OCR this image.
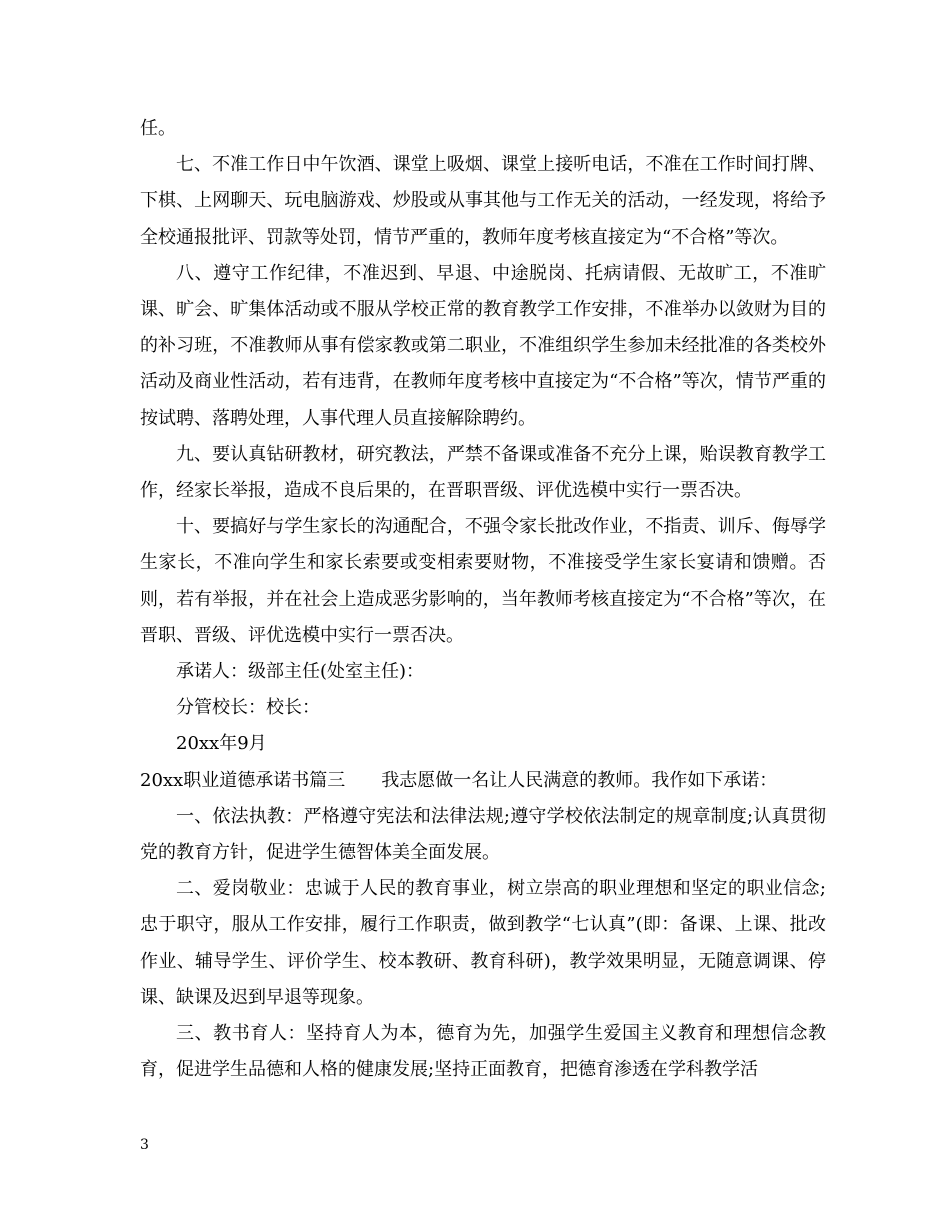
任。

七、不准工作日中午饮酒、课堂上吸烟、课堂上接听电话，不准在工作时间打牌、下棋、上网聊天、玩电脑游戏、炒股或从事其他与工作无关的活动，一经发现，将给予全校通报批评、罚款等处罚，情节严重的，教师年度考核直接定为“不合格”等次。

八、遵守工作纪律，不准迟到、早退、中途脱岗、托病请假、无故旷工，不准旷课、旷会、旷集体活动或不服从学校正常的教育教学工作安排，不准举办以敛财为目的的补习班，不准教师从事有偿家教或第二职业，不准组织学生参加未经批准的各类校外活动及商业性活动，若有违背，在教师年度考核中直接定为“不合格”等次，情节严重的按试聘、落聘处理，人事代理人员直接解除聘约。

九、要认真钻研教材，研究教法，严禁不备课或准备不充分上课，贻误教育教学工作，经家长举报，造成不良后果的，在晋职晋级、评优选模中实行一票否决。

十、要搞好与学生家长的沟通配合，不强令家长批改作业，不指责、训斥、侮辱学生家长，不准向学生和家长索要或变相索要财物，不准接受学生家长宴请和馈赠。否则，若有举报，并在社会上造成恶劣影响的，当年教师考核直接定为“不合格”等次，在晋职、晋级、评优选模中实行一票否决。

承诺人：级部主任(处室主任)：

分管校长：校长：

20xx年9月

20xx职业道德承诺书篇三　　我志愿做一名让人民满意的教师。我作如下承诺：

一、依法执教：严格遵守宪法和法律法规;遵守学校依法制定的规章制度;认真贯彻党的教育方针，促进学生德智体美全面发展。

二、爱岗敬业：忠诚于人民的教育事业，树立崇高的职业理想和坚定的职业信念;忠于职守，服从工作安排，履行工作职责，做到教学“七认真”(即：备课、上课、批改作业、辅导学生、评价学生、校本教研、教育科研)，教学效果明显，无随意调课、停课、缺课及迟到早退等现象。

三、教书育人：坚持育人为本，德育为先，加强学生爱国主义教育和理想信念教育，促进学生品德和人格的健康发展;坚持正面教育，把德育渗透在学科教学活

3
